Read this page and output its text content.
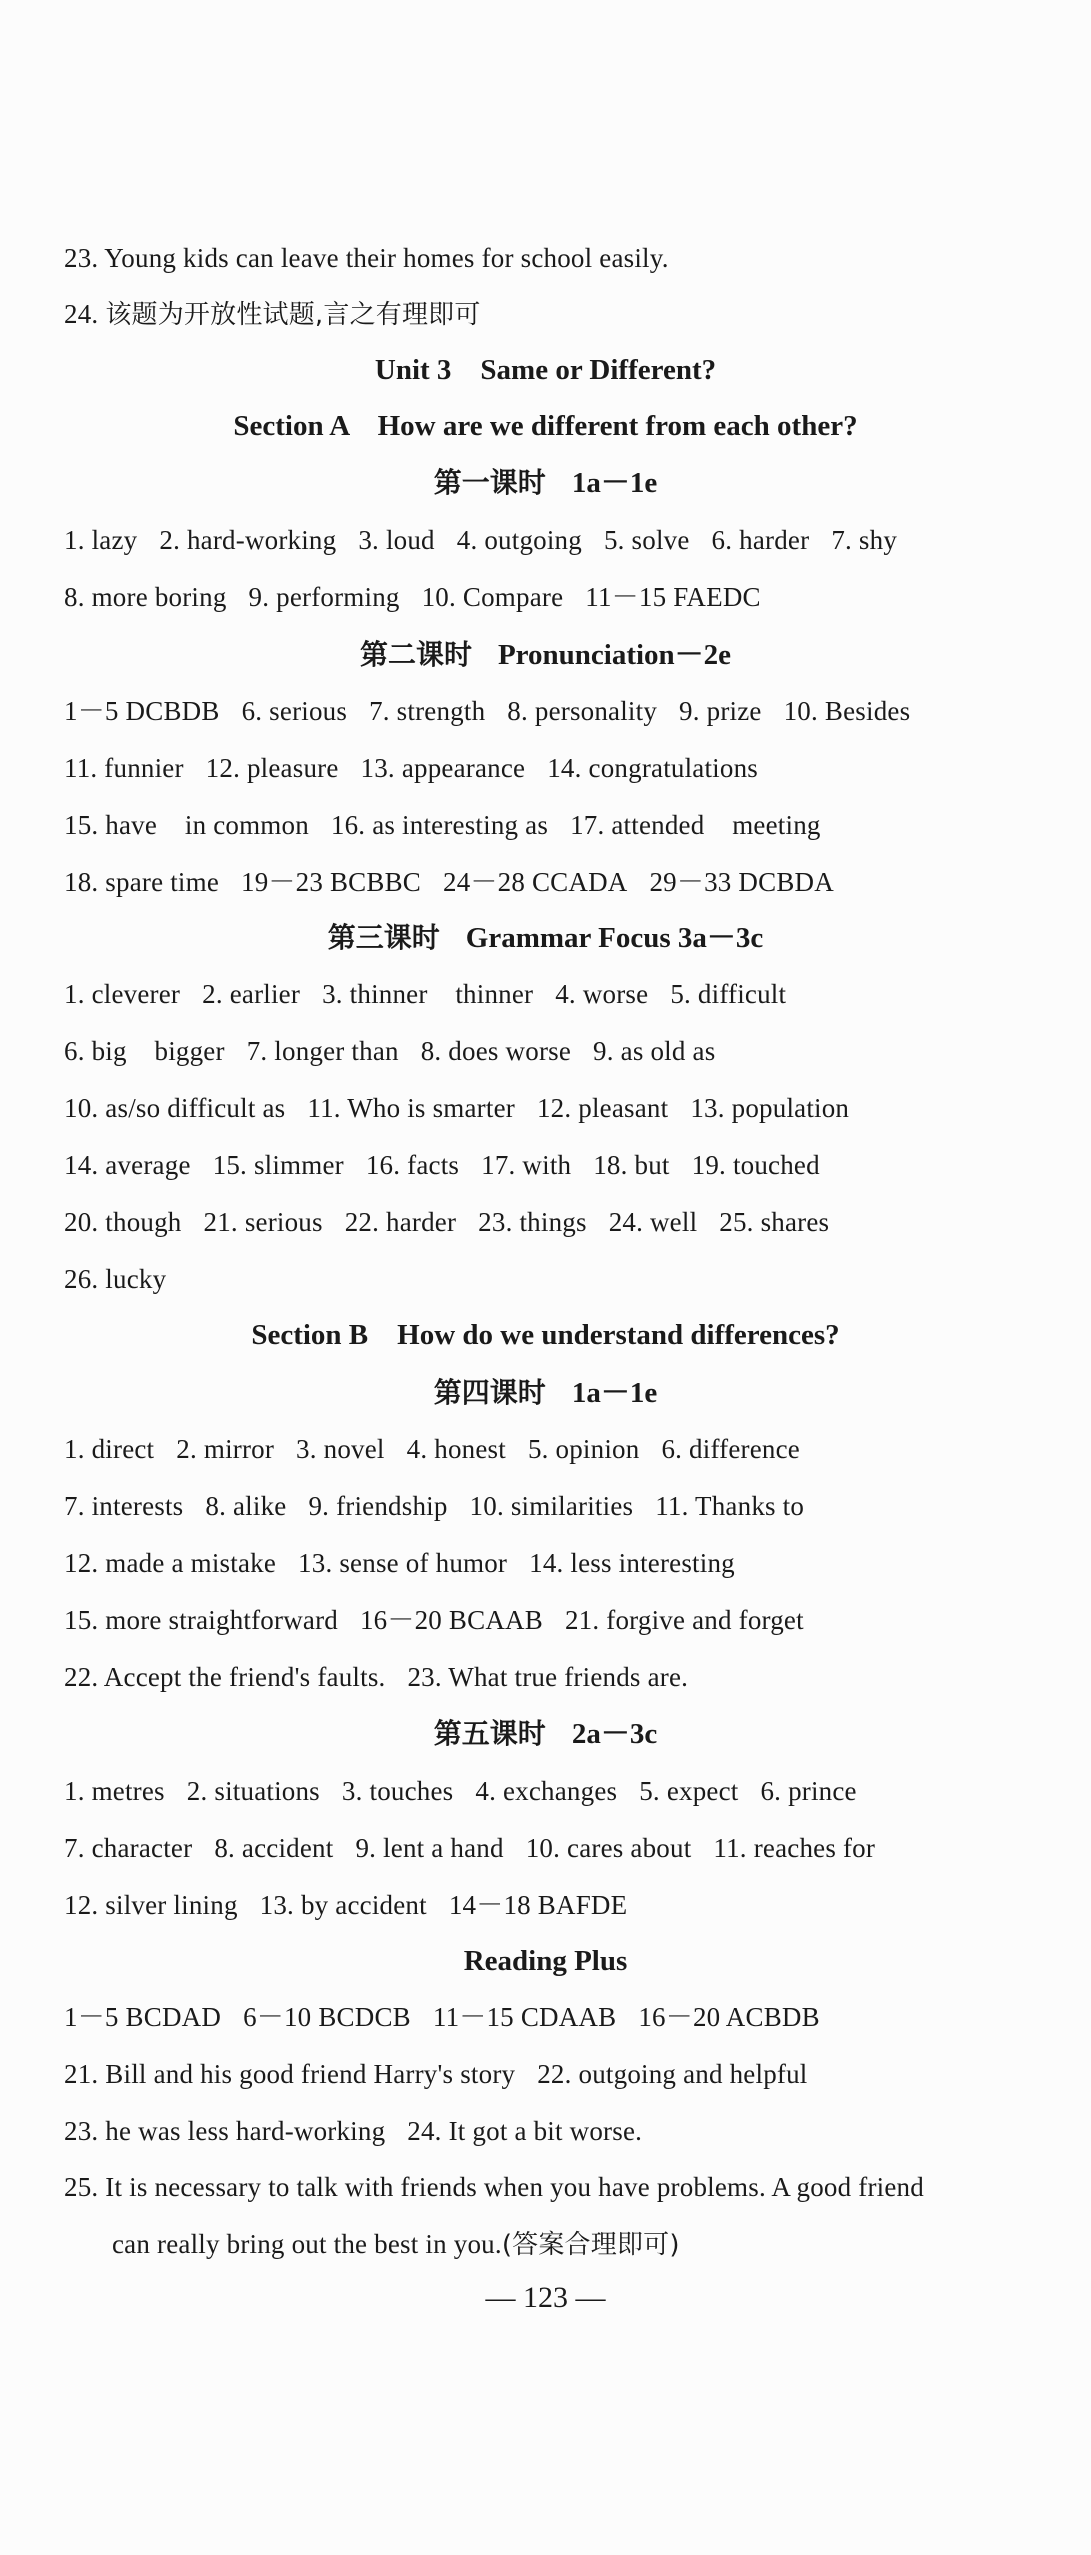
23. Young kids can leave their homes for school easily.
24. 该题为开放性试题,言之有理即可
Unit 3    Same or Different?
Section A    How are we different from each other?
第一课时 1a－1e
1. lazy 2. hard-working 3. loud 4. outgoing 5. solve 6. harder 7. shy
8. more boring 9. performing 10. Compare 11－15 FAEDC
第二课时 Pronunciation－2e
1－5 DCBDB 6. serious 7. strength 8. personality 9. prize 10. Besides
11. funnier 12. pleasure 13. appearance 14. congratulations
15. have    in common 16. as interesting as 17. attended    meeting
18. spare time 19－23 BCBBC 24－28 CCADA 29－33 DCBDA
第三课时 Grammar Focus 3a－3c
1. cleverer 2. earlier 3. thinner    thinner 4. worse 5. difficult
6. big    bigger 7. longer than 8. does worse 9. as old as
10. as/so difficult as 11. Who is smarter 12. pleasant 13. population
14. average 15. slimmer 16. facts 17. with 18. but 19. touched
20. though 21. serious 22. harder 23. things 24. well 25. shares
26. lucky
Section B    How do we understand differences?
第四课时 1a－1e
1. direct 2. mirror 3. novel 4. honest 5. opinion 6. difference
7. interests 8. alike 9. friendship 10. similarities 11. Thanks to
12. made a mistake 13. sense of humor 14. less interesting
15. more straightforward 16－20 BCAAB 21. forgive and forget
22. Accept the friend's faults. 23. What true friends are.
第五课时 2a－3c
1. metres 2. situations 3. touches 4. exchanges 5. expect 6. prince
7. character 8. accident 9. lent a hand 10. cares about 11. reaches for
12. silver lining 13. by accident 14－18 BAFDE
Reading Plus
1－5 BCDAD 6－10 BCDCB 11－15 CDAAB 16－20 ACBDB
21. Bill and his good friend Harry's story 22. outgoing and helpful
23. he was less hard-working 24. It got a bit worse.
25. It is necessary to talk with friends when you have problems. A good friend
can really bring out the best in you.(答案合理即可)
— 123 —
